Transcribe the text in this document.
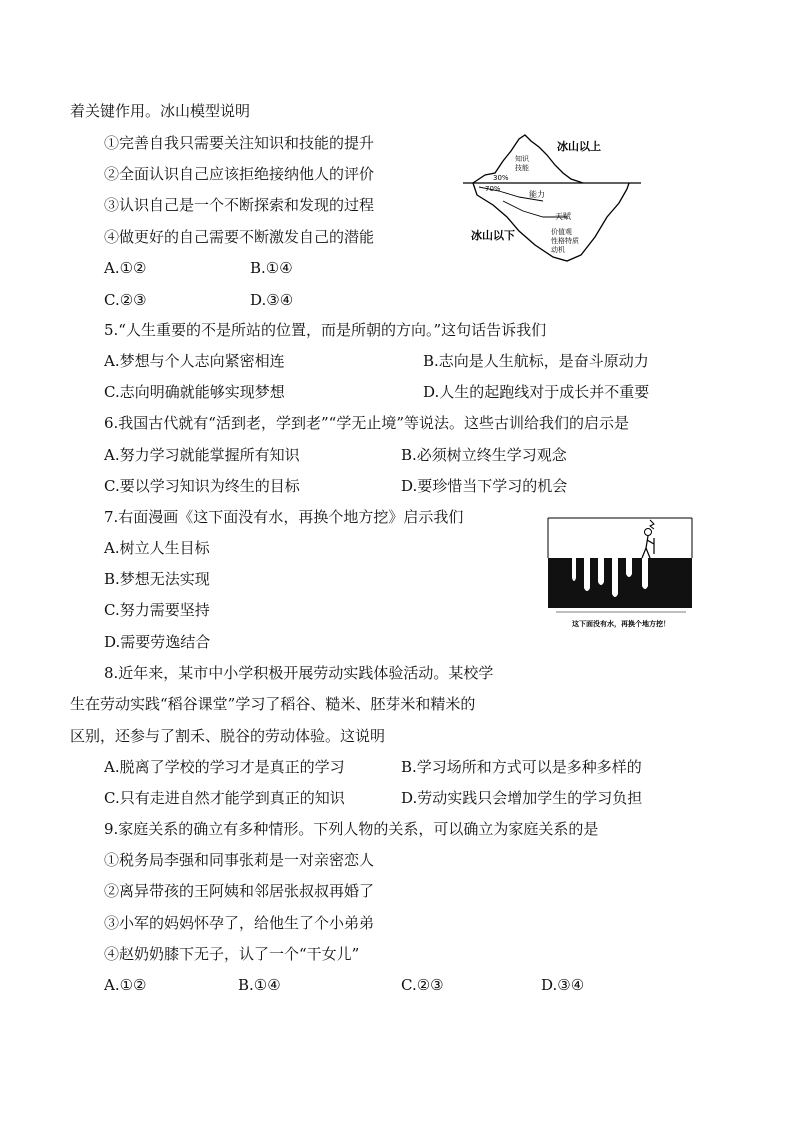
着关键作用。冰山模型说明
①完善自我只需要关注知识和技能的提升
②全面认识自己应该拒绝接纳他人的评价
③认识自己是一个不断探索和发现的过程
④做更好的自己需要不断激发自己的潜能
A.①②	B.①④
C.②③	D.③④
冰山以上
知识
技能
30%
70%
能力
天赋
冰山以下	价值观
性格特质
动机
5.“人生重要的不是所站的位置，而是所朝的方向。”这句话告诉我们
A.梦想与个人志向紧密相连	B.志向是人生航标，是奋斗原动力
C.志向明确就能够实现梦想	D.人生的起跑线对于成长并不重要
6.我国古代就有“活到老，学到老”“学无止境”等说法。这些古训给我们的启示是
A.努力学习就能掌握所有知识	B.必须树立终生学习观念
C.要以学习知识为终生的目标	D.要珍惜当下学习的机会
7.右面漫画《这下面没有水，再换个地方挖》启示我们
A.树立人生目标
B.梦想无法实现
C.努力需要坚持
D.需要劳逸结合
这下面没有水，再换个地方挖！
8.近年来，某市中小学积极开展劳动实践体验活动。某校学
生在劳动实践“稻谷课堂”学习了稻谷、糙米、胚芽米和精米的
区别，还参与了割禾、脱谷的劳动体验。这说明
A.脱离了学校的学习才是真正的学习	B.学习场所和方式可以是多种多样的
C.只有走进自然才能学到真正的知识	D.劳动实践只会增加学生的学习负担
9.家庭关系的确立有多种情形。下列人物的关系，可以确立为家庭关系的是
①税务局李强和同事张莉是一对亲密恋人
②离异带孩的王阿姨和邻居张叔叔再婚了
③小军的妈妈怀孕了，给他生了个小弟弟
④赵奶奶膝下无子，认了一个“干女儿”
A.①②	B.①④	C.②③	D.③④
